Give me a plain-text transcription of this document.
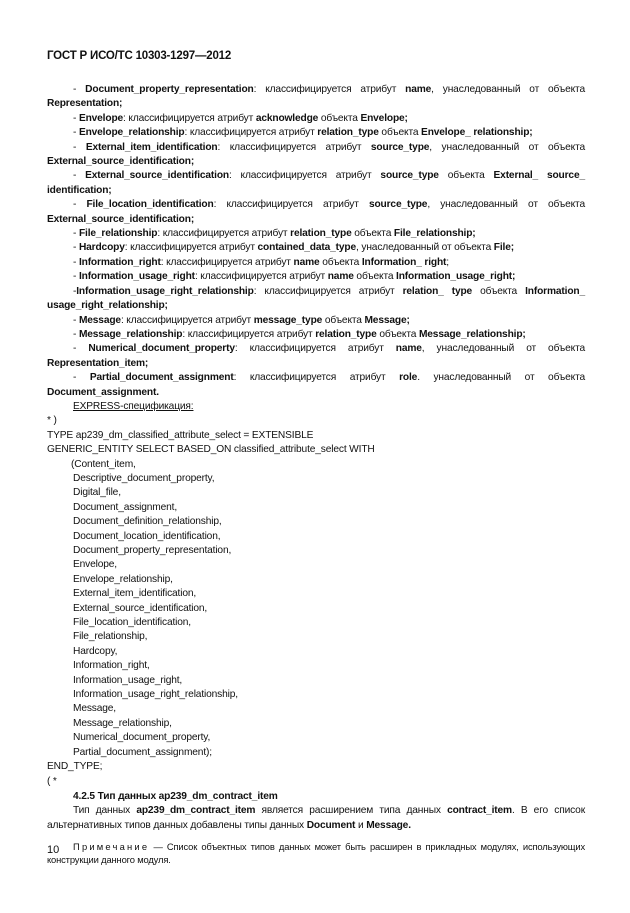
ГОСТ Р ИСО/ТС 10303-1297—2012
- Document_property_representation: классифицируется атрибут name, унаследованный от объекта Representation;
- Envelope: классифицируется атрибут acknowledge объекта Envelope;
- Envelope_relationship: классифицируется атрибут relation_type объекта Envelope_ relationship;
- External_item_identification: классифицируется атрибут source_type, унаследованный от объекта External_source_identification;
- External_source_identification: классифицируется атрибут source_type объекта External_ source_ identification;
- File_location_identification: классифицируется атрибут source_type, унаследованный от объекта External_source_identification;
- File_relationship: классифицируется атрибут relation_type объекта File_relationship;
- Hardcopy: классифицируется атрибут contained_data_type, унаследованный от объекта File;
- Information_right: классифицируется атрибут name объекта Information_ right;
- Information_usage_right: классифицируется атрибут name объекта Information_usage_right;
-Information_usage_right_relationship: классифицируется атрибут relation_ type объекта Information_ usage_right_relationship;
- Message: классифицируется атрибут message_type объекта Message;
- Message_relationship: классифицируется атрибут relation_type объекта Message_relationship;
- Numerical_document_property: классифицируется атрибут name, унаследованный от объекта Representation_item;
- Partial_document_assignment: классифицируется атрибут role. унаследованный от объекта Document_assignment.
EXPRESS-спецификация:
* )
TYPE ap239_dm_classified_attribute_select = EXTENSIBLE
GENERIC_ENTITY SELECT BASED_ON classified_attribute_select WITH
(Content_item,
Descriptive_document_property,
Digital_file,
Document_assignment,
Document_definition_relationship,
Document_location_identification,
Document_property_representation,
Envelope,
Envelope_relationship,
External_item_identification,
External_source_identification,
File_location_identification,
File_relationship,
Hardcopy,
Information_right,
Information_usage_right,
Information_usage_right_relationship,
Message,
Message_relationship,
Numerical_document_property,
Partial_document_assignment);
END_TYPE;
( *
4.2.5 Тип данных ap239_dm_contract_item
Тип данных ap239_dm_contract_item является расширением типа данных contract_item. В его список альтернативных типов данных добавлены типы данных Document и Message.
Примечание — Список объектных типов данных может быть расширен в прикладных модулях, использующих конструкции данного модуля.
10
